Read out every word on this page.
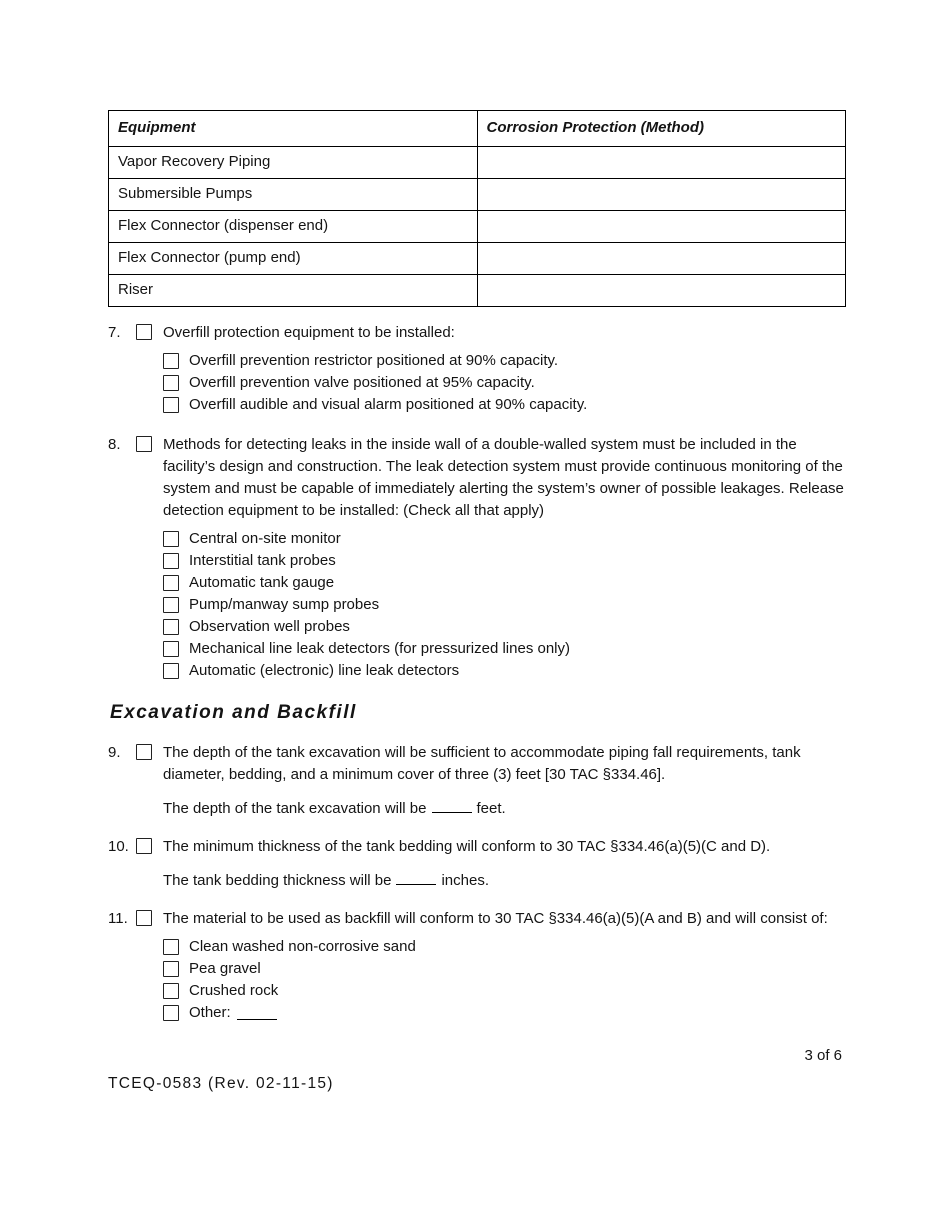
Equipment	Corrosion Protection (Method)
Vapor Recovery Piping	
Submersible Pumps	
Flex Connector (dispenser end)	
Flex Connector (pump end)	
Riser	
7.	Overfill protection equipment to be installed:
Overfill prevention restrictor positioned at 90% capacity.
Overfill prevention valve positioned at 95% capacity.
Overfill audible and visual alarm positioned at 90% capacity.
8.	Methods for detecting leaks in the inside wall of a double-walled system must be included in the facility’s design and construction. The leak detection system must provide continuous monitoring of the system and must be capable of immediately alerting the system’s owner of possible leakages. Release detection equipment to be installed: (Check all that apply)
Central on-site monitor
Interstitial tank probes
Automatic tank gauge
Pump/manway sump probes
Observation well probes
Mechanical line leak detectors (for pressurized lines only)
Automatic (electronic) line leak detectors
Excavation and Backfill
9.	The depth of the tank excavation will be sufficient to accommodate piping fall requirements, tank diameter, bedding, and a minimum cover of three (3) feet [30 TAC §334.46].

The depth of the tank excavation will be	feet.

10.	The minimum thickness of the tank bedding will conform to 30 TAC §334.46(a)(5)(C and D).

The tank bedding thickness will be	inches.

11.	The material to be used as backfill will conform to 30 TAC §334.46(a)(5)(A and B) and will consist of:
Clean washed non-corrosive sand
Pea gravel
Crushed rock
Other:
3 of 6
TCEQ-0583 (Rev. 02-11-15)
